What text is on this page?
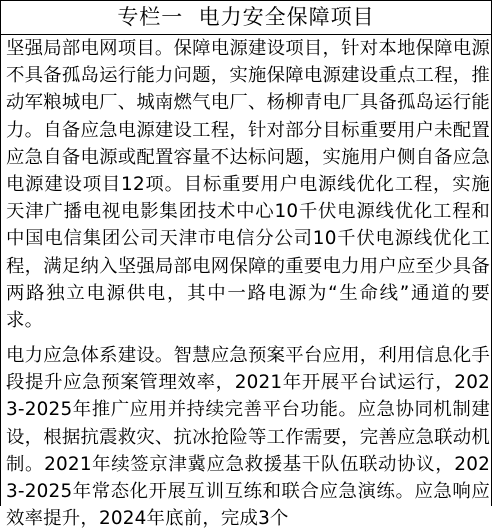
专栏一  电力安全保障项目

坚强局部电网项目。保障电源建设项目，针对本地保障电源不具备孤岛运行能力问题，实施保障电源建设重点工程，推动军粮城电厂、城南燃气电厂、杨柳青电厂具备孤岛运行能力。自备应急电源建设工程，针对部分目标重要用户未配置应急自备电源或配置容量不达标问题，实施用户侧自备应急电源建设项目12项。目标重要用户电源线优化工程，实施天津广播电视电影集团技术中心10千伏电源线优化工程和中国电信集团公司天津市电信分公司10千伏电源线优化工程，满足纳入坚强局部电网保障的重要电力用户应至少具备两路独立电源供电，其中一路电源为“生命线”通道的要求。

电力应急体系建设。智慧应急预案平台应用，利用信息化手段提升应急预案管理效率，2021年开展平台试运行，2023-2025年推广应用并持续完善平台功能。应急协同机制建设，根据抗震救灾、抗冰抢险等工作需要，完善应急联动机制。2021年续签京津冀应急救援基干队伍联动协议，2023-2025年常态化开展互训互练和联合应急演练。应急响应效率提升，2024年底前，完成3个
